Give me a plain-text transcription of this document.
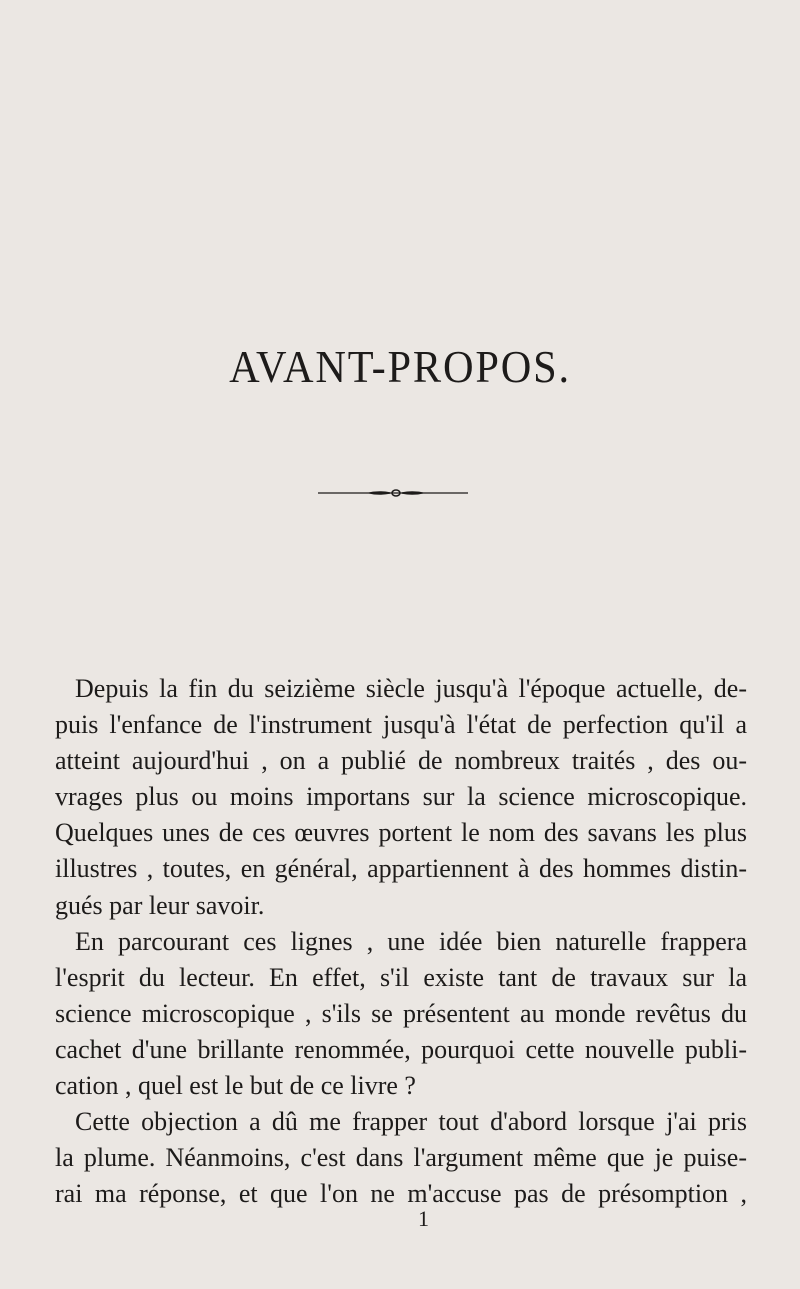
AVANT-PROPOS.
Depuis la fin du seizième siècle jusqu'à l'époque actuelle, de-
puis l'enfance de l'instrument jusqu'à l'état de perfection qu'il a
atteint aujourd'hui , on a publié de nombreux traités , des ou-
vrages plus ou moins importans sur la science microscopique.
Quelques unes de ces œuvres portent le nom des savans les plus
illustres , toutes, en général, appartiennent à des hommes distin-
gués par leur savoir.
En parcourant ces lignes , une idée bien naturelle frappera
l'esprit du lecteur. En effet, s'il existe tant de travaux sur la
science microscopique , s'ils se présentent au monde revêtus du
cachet d'une brillante renommée, pourquoi cette nouvelle publi-
cation , quel est le but de ce livre ?
Cette objection a dû me frapper tout d'abord lorsque j'ai pris
la plume. Néanmoins, c'est dans l'argument même que je puise-
rai ma réponse, et que l'on ne m'accuse pas de présomption ,
1
